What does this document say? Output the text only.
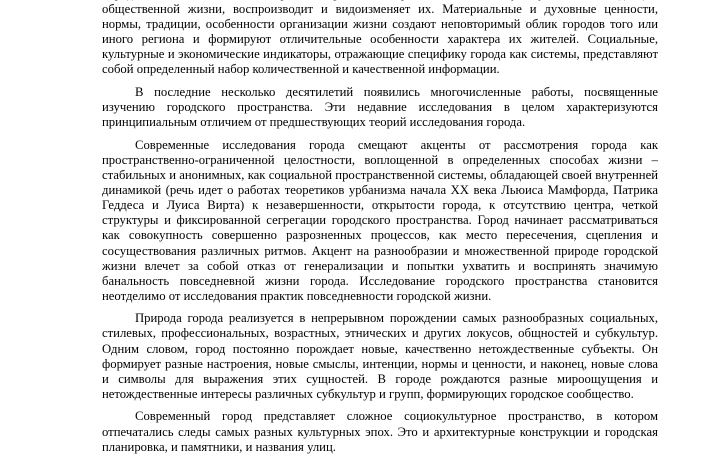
общественной жизни, воспроизводит и видоизменяет их. Материальные и духовные ценности, нормы, традиции, особенности организации жизни создают неповторимый облик городов того или иного региона и формируют отличительные особенности характера их жителей. Социальные, культурные и экономические индикаторы, отражающие специфику города как системы, представляют собой определенный набор количественной и качественной информации.

В последние несколько десятилетий появились многочисленные работы, посвященные изучению городского пространства. Эти недавние исследования в целом характеризуются принципиальным отличием от предшествующих теорий исследования города.

Современные исследования города смещают акценты от рассмотрения города как пространственно-ограниченной целостности, воплощенной в определенных способах жизни – стабильных и анонимных, как социальной пространственной системы, обладающей своей внутренней динамикой (речь идет о работах теоретиков урбанизма начала XX века Льюиса Мамфорда, Патрика Геддеса и Луиса Вирта) к незавершенности, открытости города, к отсутствию центра, четкой структуры и фиксированной сегрегации городского пространства. Город начинает рассматриваться как совокупность совершенно разрозненных процессов, как место пересечения, сцепления и сосуществования различных ритмов. Акцент на разнообразии и множественной природе городской жизни влечет за собой отказ от генерализации и попытки ухватить и воспринять значимую банальность повседневной жизни города. Исследование городского пространства становится неотделимо от исследования практик повседневности городской жизни.

Природа города реализуется в непрерывном порождении самых разнообразных социальных, стилевых, профессиональных, возрастных, этнических и других локусов, общностей и субкультур. Одним словом, город постоянно порождает новые, качественно нетождественные субъекты. Он формирует разные настроения, новые смыслы, интенции, нормы и ценности, и наконец, новые слова и символы для выражения этих сущностей. В городе рождаются разные мироощущения и нетождественные интересы различных субкультур и групп, формирующих городское сообщество.

Современный город представляет сложное социокультурное пространство, в котором отпечатались следы самых разных культурных эпох. Это и архитектурные конструкции и городская планировка, и памятники, и названия улиц.
